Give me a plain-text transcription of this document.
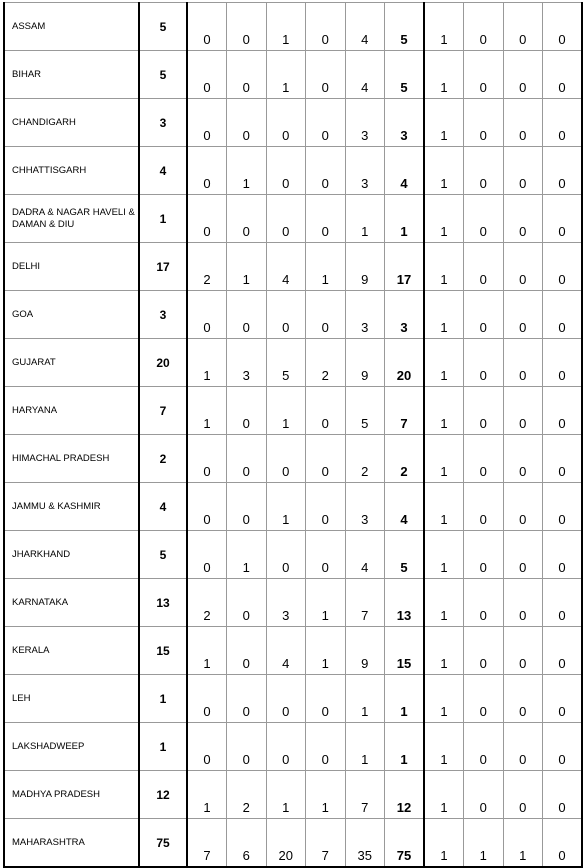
ASSAM	5	0	0	1	0	4	5	1	0	0	0
BIHAR	5	0	0	1	0	4	5	1	0	0	0
CHANDIGARH	3	0	0	0	0	3	3	1	0	0	0
CHHATTISGARH	4	0	1	0	0	3	4	1	0	0	0
DADRA & NAGAR HAVELI & DAMAN & DIU	1	0	0	0	0	1	1	1	0	0	0
DELHI	17	2	1	4	1	9	17	1	0	0	0
GOA	3	0	0	0	0	3	3	1	0	0	0
GUJARAT	20	1	3	5	2	9	20	1	0	0	0
HARYANA	7	1	0	1	0	5	7	1	0	0	0
HIMACHAL PRADESH	2	0	0	0	0	2	2	1	0	0	0
JAMMU & KASHMIR	4	0	0	1	0	3	4	1	0	0	0
JHARKHAND	5	0	1	0	0	4	5	1	0	0	0
KARNATAKA	13	2	0	3	1	7	13	1	0	0	0
KERALA	15	1	0	4	1	9	15	1	0	0	0
LEH	1	0	0	0	0	1	1	1	0	0	0
LAKSHADWEEP	1	0	0	0	0	1	1	1	0	0	0
MADHYA PRADESH	12	1	2	1	1	7	12	1	0	0	0
MAHARASHTRA	75	7	6	20	7	35	75	1	1	1	0
